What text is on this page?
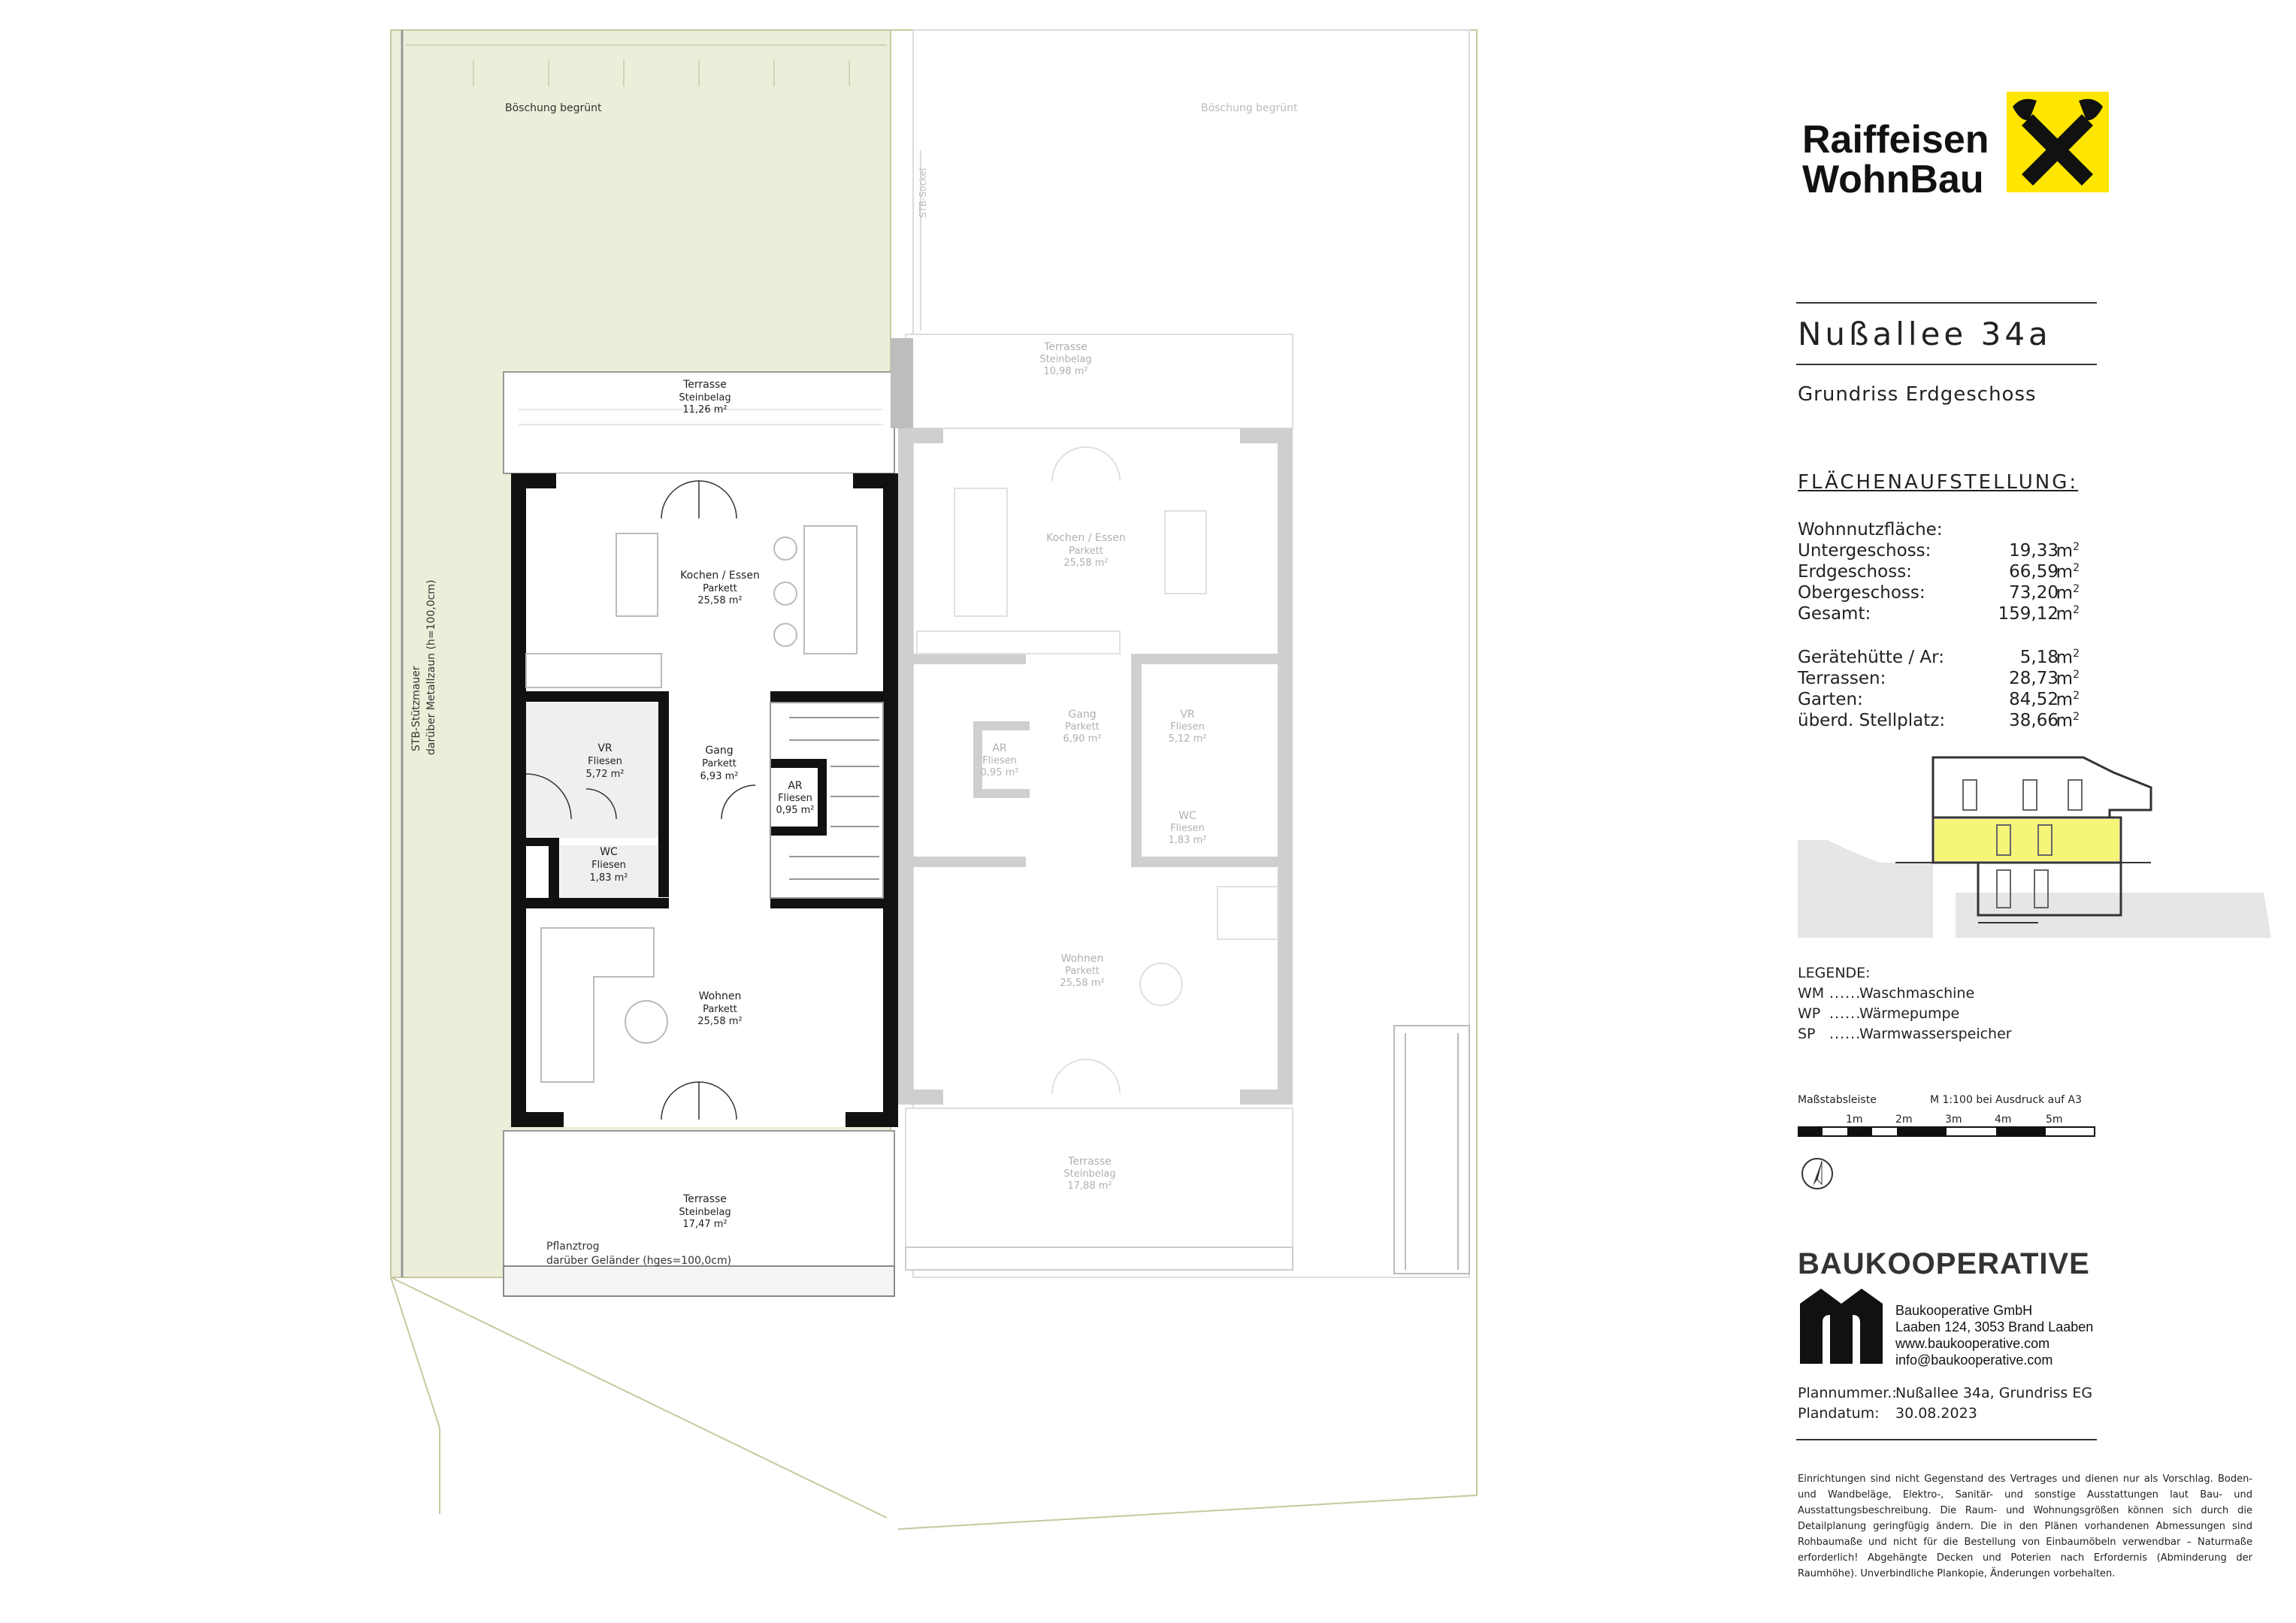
Böschung begrünt	Böschung begrünt
STB-Stützmauer darüber Metallzaun (h=100,0cm)
STB-Sockel
Pflanztrog
darüber Geländer (hges=100,0cm)
Terrasse
Steinbelag
11,26 m²
Kochen / Essen
Parkett
25,58 m²
VR
Fliesen
5,72 m²
Gang
Parkett
6,93 m²
AR
Fliesen
0,95 m²
WC
Fliesen
1,83 m²
Wohnen
Parkett
25,58 m²
Terrasse
Steinbelag
17,47 m²
Terrasse
Steinbelag
10,98 m²
Kochen / Essen
Parkett
25,58 m²
AR
Fliesen
0,95 m²
Gang
Parkett
6,90 m²
VR
Fliesen
5,12 m²
WC
Fliesen
1,83 m²
Wohnen
Parkett
25,58 m²
Terrasse
Steinbelag
17,88 m²
Raiffeisen WohnBau
Nußallee 34a
Grundriss Erdgeschoss
FLÄCHENAUFSTELLUNG:
Wohnnutzfläche:
Untergeschoss:	19,33
$m^2$
Erdgeschoss:	66,59
$m^2$
Obergeschoss:	73,20
$m^2$
Gesamt:	159,12
$m^2$
Gerätehütte / Ar:	5,18
$m^2$
Terrassen:	28,73
$m^2$
Garten:	84,52
$m^2$
überd. Stellplatz:	38,66
$m^2$
LEGENDE:
WM .......Waschmaschine
WP .......Wärmepumpe
SP .......Warmwasserspeicher
Maßstabsleiste	M 1:100 bei Ausdruck auf A3
1m	2m	3m	4m	5m
BAUKOOPERATIVE
Baukooperative GmbH
Laaben 124, 3053 Brand Laaben
www.baukooperative.com
info@baukooperative.com
Plannummer.:
Nußallee 34a, Grundriss EG
Plandatum: 30.08.2023
Einrichtungen sind nicht Gegenstand des Vertrages und dienen nur als Vorschlag. Boden- und Wandbeläge, Elektro-, Sanitär- und sonstige Ausstattungen laut Bau- und Ausstattungsbeschreibung. Die Raum- und Wohnungsgrößen können sich durch die Detailplanung geringfügig ändern. Die in den Plänen vorhandenen Abmessungen sind Rohbaumaße und nicht für die Bestellung von Einbaumöbeln verwendbar – Naturmaße erforderlich! Abgehängte Decken und Poterien nach Erfordernis (Abminderung der Raumhöhe). Unverbindliche Plankopie, Änderungen vorbehalten.
